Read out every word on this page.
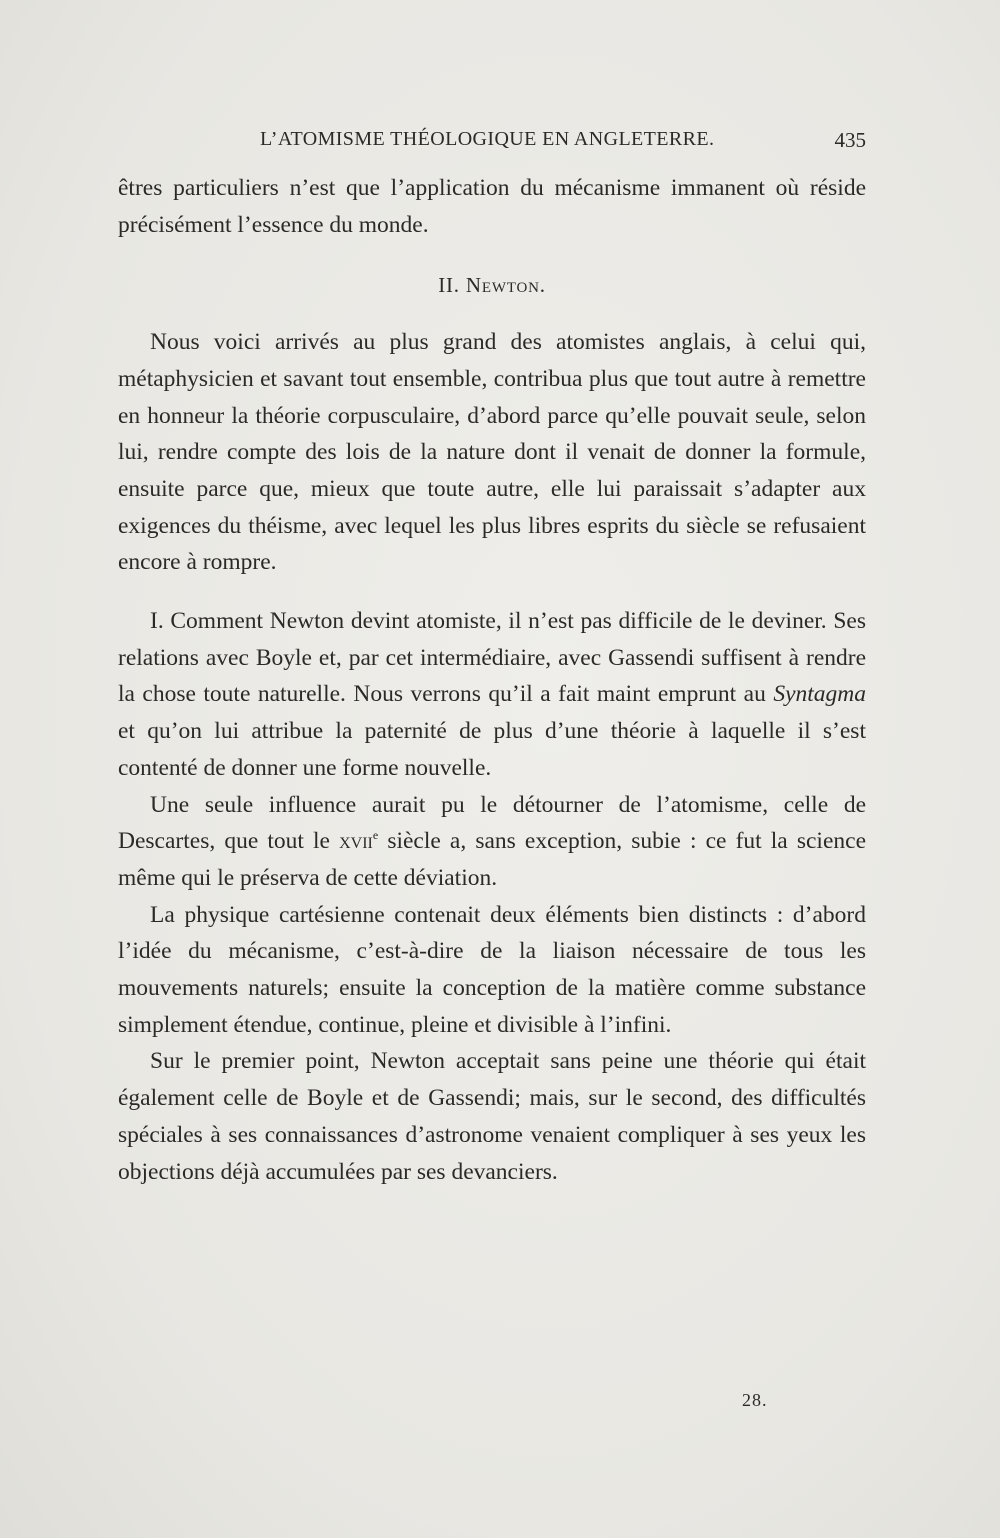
L’ATOMISME THÉOLOGIQUE EN ANGLETERRE.	435

êtres particuliers n’est que l’application du mécanisme immanent où réside précisément l’essence du monde.

II. Newton.

Nous voici arrivés au plus grand des atomistes anglais, à celui qui, métaphysicien et savant tout ensemble, contribua plus que tout autre à remettre en honneur la théorie corpusculaire, d’abord parce qu’elle pouvait seule, selon lui, rendre compte des lois de la nature dont il venait de donner la formule, ensuite parce que, mieux que toute autre, elle lui paraissait s’adapter aux exigences du théisme, avec lequel les plus libres esprits du siècle se refusaient encore à rompre.

I. Comment Newton devint atomiste, il n’est pas difficile de le deviner. Ses relations avec Boyle et, par cet intermédiaire, avec Gassendi suffisent à rendre la chose toute naturelle. Nous verrons qu’il a fait maint emprunt au Syntagma et qu’on lui attribue la paternité de plus d’une théorie à laquelle il s’est contenté de donner une forme nouvelle.

Une seule influence aurait pu le détourner de l’atomisme, celle de Descartes, que tout le xvii$^e$ siècle a, sans exception, subie : ce fut la science même qui le préserva de cette déviation.

La physique cartésienne contenait deux éléments bien distincts : d’abord l’idée du mécanisme, c’est-à-dire de la liaison nécessaire de tous les mouvements naturels; ensuite la conception de la matière comme substance simplement étendue, continue, pleine et divisible à l’infini.

Sur le premier point, Newton acceptait sans peine une théorie qui était également celle de Boyle et de Gassendi; mais, sur le second, des difficultés spéciales à ses connaissances d’astronome venaient compliquer à ses yeux les objections déjà accumulées par ses devanciers.

28.
